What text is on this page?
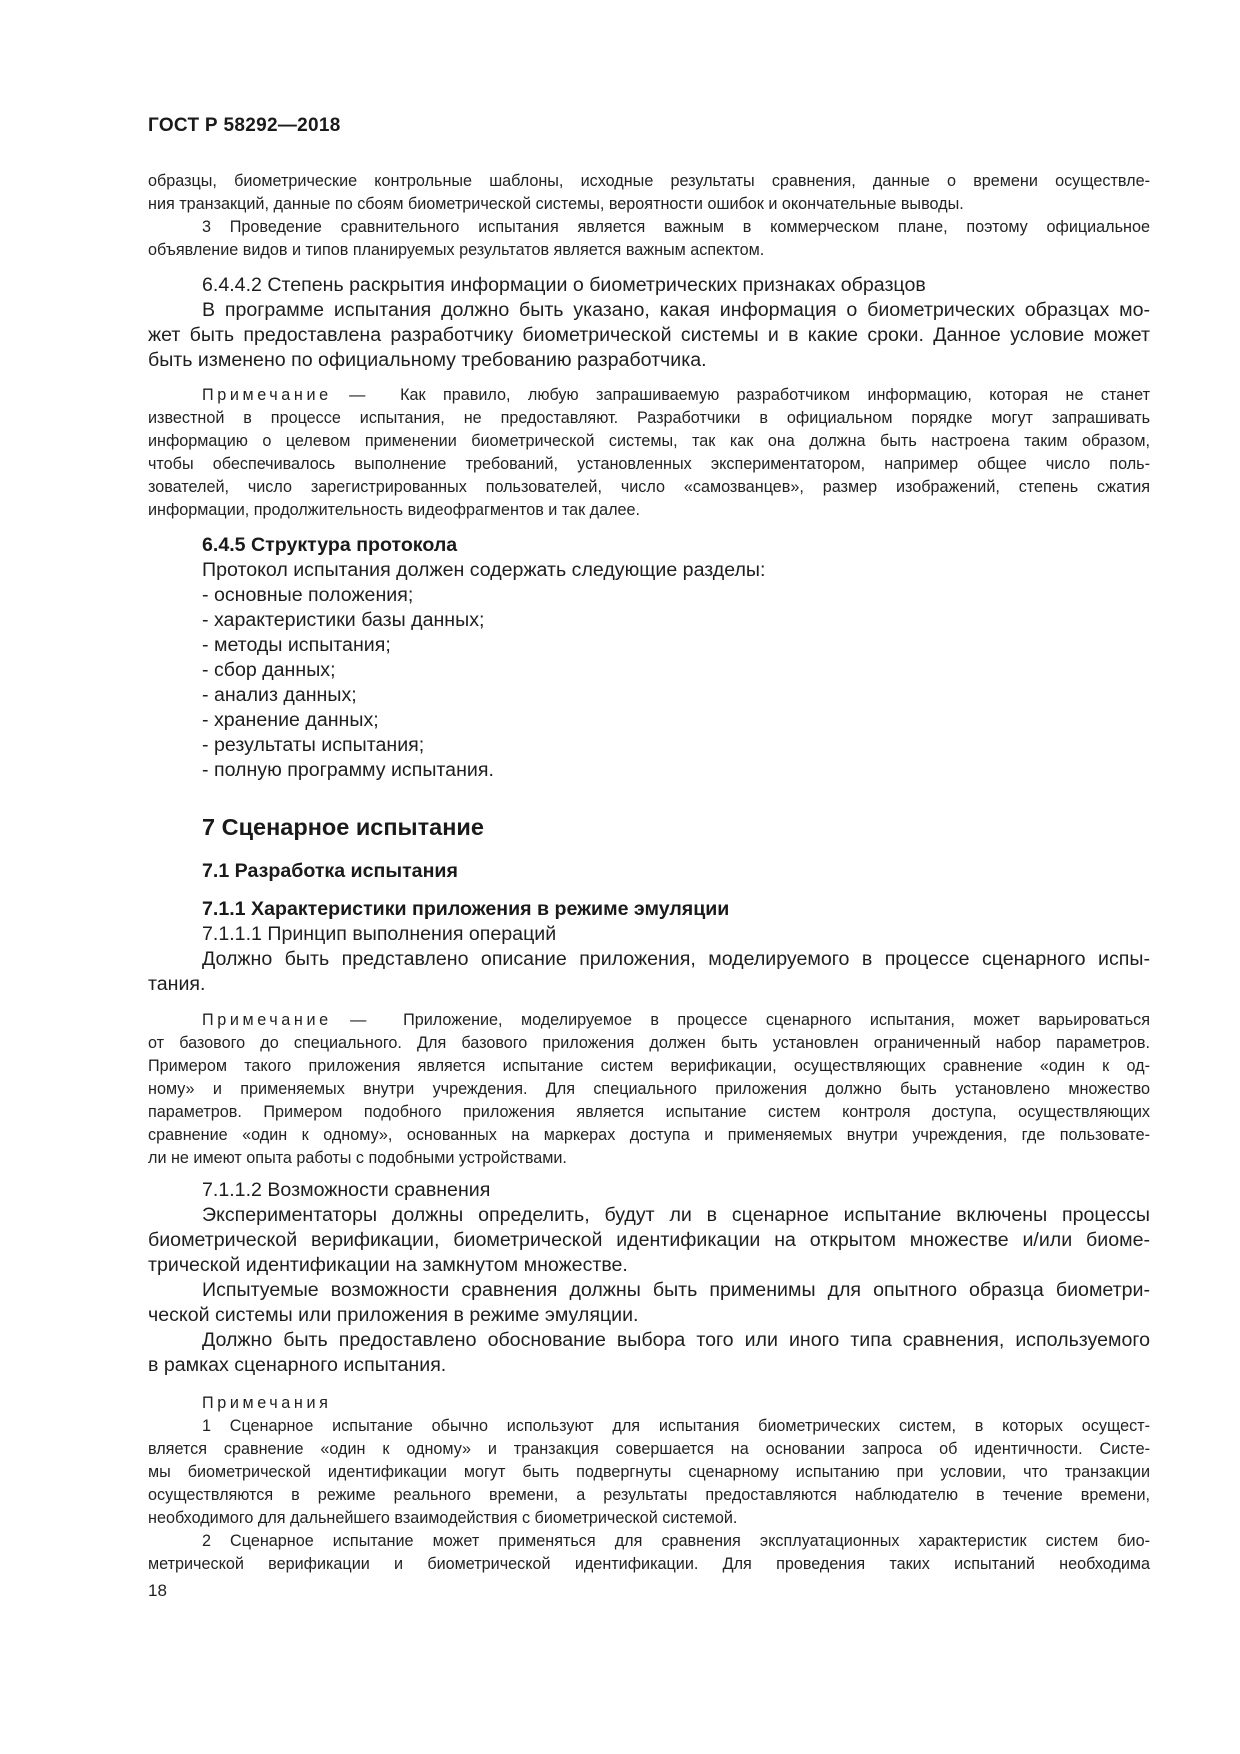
ГОСТ Р 58292—2018
образцы, биометрические контрольные шаблоны, исходные результаты сравнения, данные о времени осуществле-
ния транзакций, данные по сбоям биометрической системы, вероятности ошибок и окончательные выводы.
3 Проведение сравнительного испытания является важным в коммерческом плане, поэтому официальное
объявление видов и типов планируемых результатов является важным аспектом.
6.4.4.2 Степень раскрытия информации о биометрических признаках образцов
В программе испытания должно быть указано, какая информация о биометрических образцах мо-
жет быть предоставлена разработчику биометрической системы и в какие сроки. Данное условие может
быть изменено по официальному требованию разработчика.
Примечание — Как правило, любую запрашиваемую разработчиком информацию, которая не станет
известной в процессе испытания, не предоставляют. Разработчики в официальном порядке могут запрашивать
информацию о целевом применении биометрической системы, так как она должна быть настроена таким образом,
чтобы обеспечивалось выполнение требований, установленных экспериментатором, например общее число поль-
зователей, число зарегистрированных пользователей, число «самозванцев», размер изображений, степень сжатия
информации, продолжительность видеофрагментов и так далее.
6.4.5 Структура протокола
Протокол испытания должен содержать следующие разделы:
- основные положения;
- характеристики базы данных;
- методы испытания;
- сбор данных;
- анализ данных;
- хранение данных;
- результаты испытания;
- полную программу испытания.
7 Сценарное испытание
7.1 Разработка испытания
7.1.1 Характеристики приложения в режиме эмуляции
7.1.1.1 Принцип выполнения операций
Должно быть представлено описание приложения, моделируемого в процессе сценарного испы-
тания.
Примечание — Приложение, моделируемое в процессе сценарного испытания, может варьироваться
от базового до специального. Для базового приложения должен быть установлен ограниченный набор параметров.
Примером такого приложения является испытание систем верификации, осуществляющих сравнение «один к од-
ному» и применяемых внутри учреждения. Для специального приложения должно быть установлено множество
параметров. Примером подобного приложения является испытание систем контроля доступа, осуществляющих
сравнение «один к одному», основанных на маркерах доступа и применяемых внутри учреждения, где пользовате-
ли не имеют опыта работы с подобными устройствами.
7.1.1.2 Возможности сравнения
Экспериментаторы должны определить, будут ли в сценарное испытание включены процессы
биометрической верификации, биометрической идентификации на открытом множестве и/или биоме-
трической идентификации на замкнутом множестве.
Испытуемые возможности сравнения должны быть применимы для опытного образца биометри-
ческой системы или приложения в режиме эмуляции.
Должно быть предоставлено обоснование выбора того или иного типа сравнения, используемого
в рамках сценарного испытания.
Примечания
1 Сценарное испытание обычно используют для испытания биометрических систем, в которых осущест-
вляется сравнение «один к одному» и транзакция совершается на основании запроса об идентичности. Систе-
мы биометрической идентификации могут быть подвергнуты сценарному испытанию при условии, что транзакции
осуществляются в режиме реального времени, а результаты предоставляются наблюдателю в течение времени,
необходимого для дальнейшего взаимодействия с биометрической системой.
2 Сценарное испытание может применяться для сравнения эксплуатационных характеристик систем био-
метрической верификации и биометрической идентификации. Для проведения таких испытаний необходима
18
